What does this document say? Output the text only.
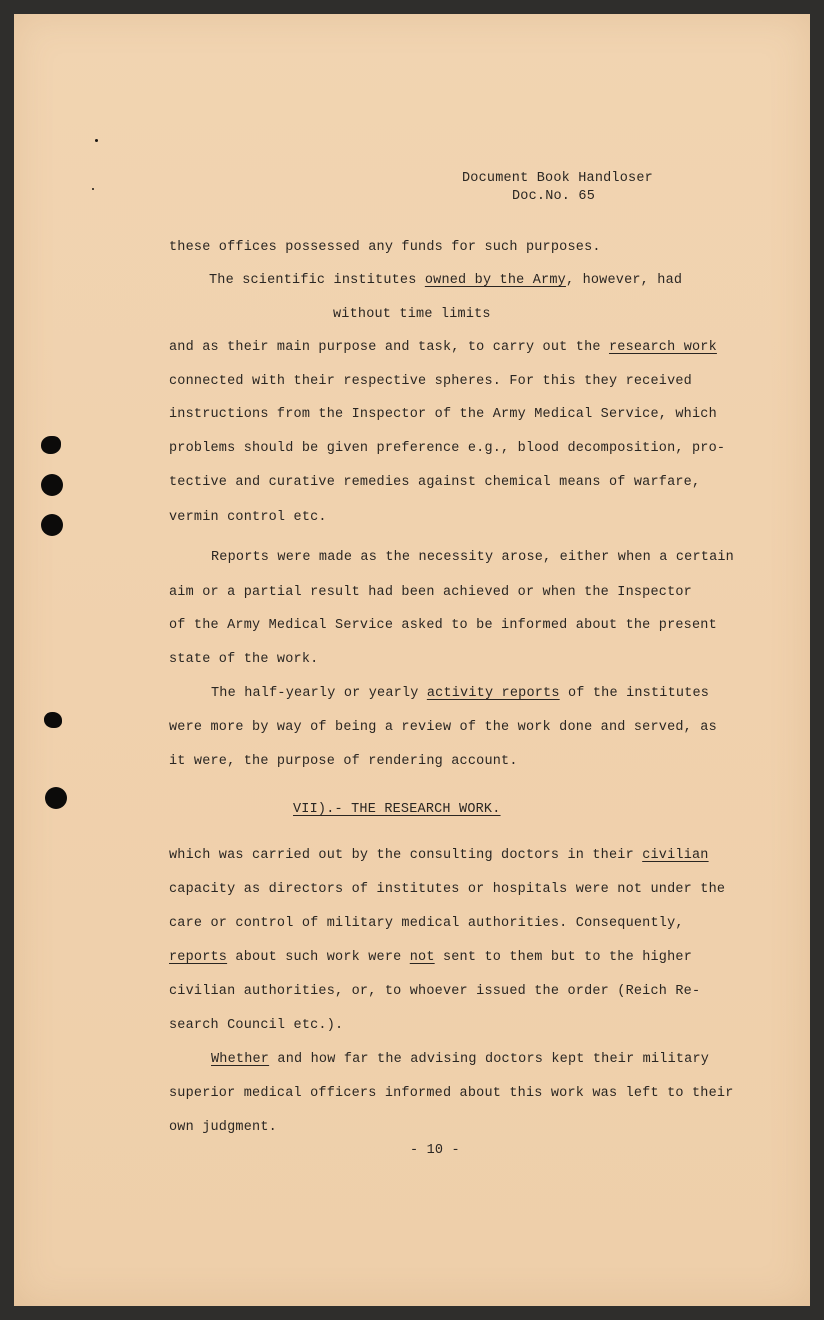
Document Book Handloser
Doc.No. 65
these offices possessed any funds for such purposes.
The scientific institutes owned by the Army, however, had
without time limits
and as their main purpose and task, to carry out the research work
connected with their respective spheres. For this they received
instructions from the Inspector of the Army Medical Service, which
problems should be given preference e.g., blood decomposition, pro-
tective and curative remedies against chemical means of warfare,
vermin control etc.
Reports were made as the necessity arose, either when a certain
aim or a partial result had been achieved or when the Inspector
of the Army Medical Service asked to be informed about the present
state of the work.
The half-yearly or yearly activity reports of the institutes
were more by way of being a review of the work done and served, as
it were, the purpose of rendering account.
VII).- THE RESEARCH WORK.
which was carried out by the consulting doctors in their civilian
capacity as directors of institutes or hospitals were not under the
care or control of military medical authorities. Consequently,
reports about such work were not sent to them but to the higher
civilian authorities, or, to whoever issued the order (Reich Re-
search Council etc.).
Whether and how far the advising doctors kept their military
superior medical officers informed about this work was left to their
own judgment.
- 10 -
